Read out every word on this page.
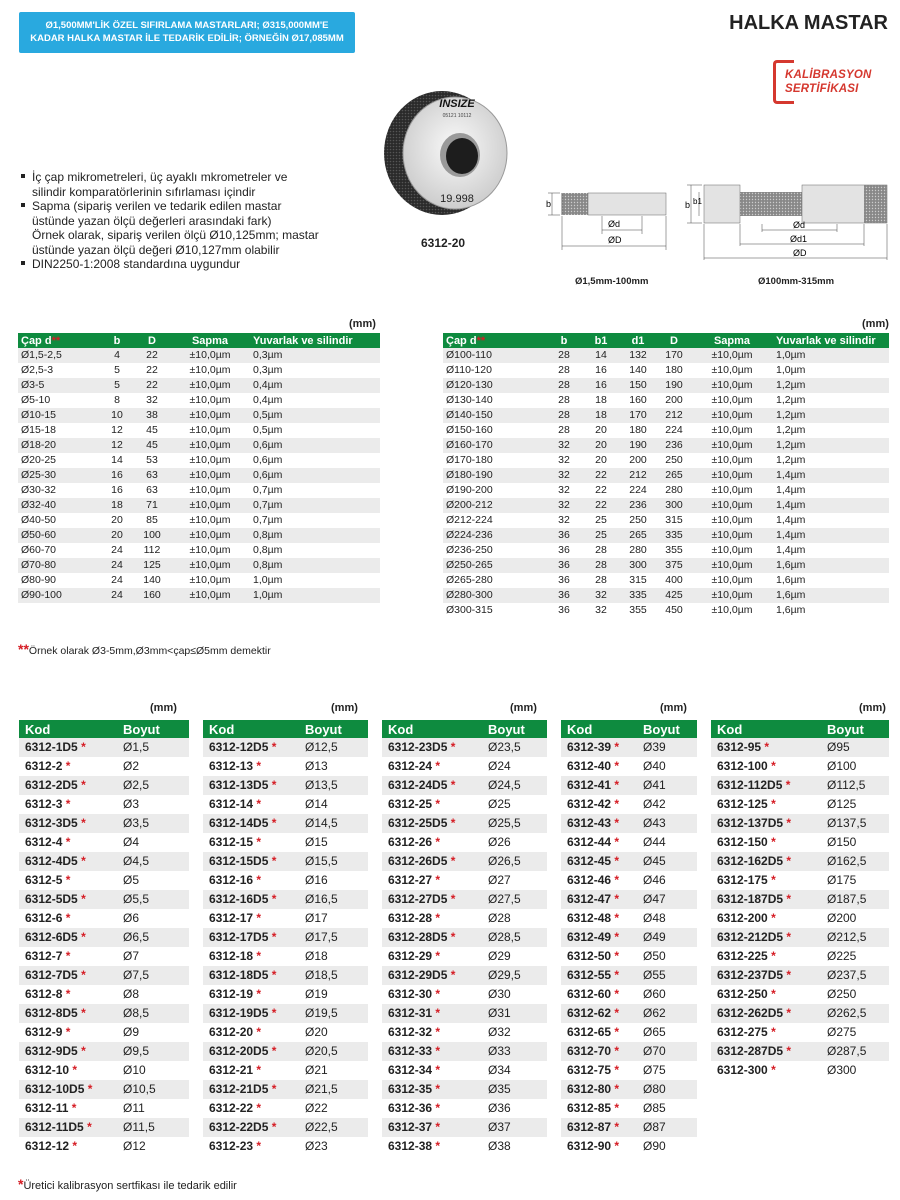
Ø1,500MM'LİK ÖZEL SIFIRLAMA MASTARLARI; Ø315,000MM'E
KADAR HALKA MASTAR İLE TEDARİK EDİLİR; ÖRNEĞİN Ø17,085MM
HALKA MASTAR
KALİBRASYON
SERTİFİKASI
İç çap mikrometreleri, üç ayaklı mkrometreler ve
silindir komparatörlerinin sıfırlaması içindir
Sapma (sipariş verilen ve tedarik edilen mastar
üstünde yazan ölçü değerleri arasındaki fark)
Örnek olarak, sipariş verilen ölçü Ø10,125mm; mastar
üstünde yazan ölçü değeri Ø10,127mm olabilir
DIN2250-1:2008 standardına uygundur
INSIZE
05121 10112
19.998
6312-20
b
Ød
ØD
Ø1,5mm-100mm
b b1
Ød
Ød1
ØD
Ø100mm-315mm
(mm)
Çap d**	b	D	Sapma	Yuvarlak ve silindir
Ø1,5-2,5	4	22	±10,0µm	0,3µm
Ø2,5-3	5	22	±10,0µm	0,3µm
Ø3-5	5	22	±10,0µm	0,4µm
Ø5-10	8	32	±10,0µm	0,4µm
Ø10-15	10	38	±10,0µm	0,5µm
Ø15-18	12	45	±10,0µm	0,5µm
Ø18-20	12	45	±10,0µm	0,6µm
Ø20-25	14	53	±10,0µm	0,6µm
Ø25-30	16	63	±10,0µm	0,6µm
Ø30-32	16	63	±10,0µm	0,7µm
Ø32-40	18	71	±10,0µm	0,7µm
Ø40-50	20	85	±10,0µm	0,7µm
Ø50-60	20	100	±10,0µm	0,8µm
Ø60-70	24	112	±10,0µm	0,8µm
Ø70-80	24	125	±10,0µm	0,8µm
Ø80-90	24	140	±10,0µm	1,0µm
Ø90-100	24	160	±10,0µm	1,0µm
(mm)
Çap d**	b	b1	d1	D	Sapma	Yuvarlak ve silindir
Ø100-110	28	14	132	170	±10,0µm	1,0µm
Ø110-120	28	16	140	180	±10,0µm	1,0µm
Ø120-130	28	16	150	190	±10,0µm	1,2µm
Ø130-140	28	18	160	200	±10,0µm	1,2µm
Ø140-150	28	18	170	212	±10,0µm	1,2µm
Ø150-160	28	20	180	224	±10,0µm	1,2µm
Ø160-170	32	20	190	236	±10,0µm	1,2µm
Ø170-180	32	20	200	250	±10,0µm	1,2µm
Ø180-190	32	22	212	265	±10,0µm	1,4µm
Ø190-200	32	22	224	280	±10,0µm	1,4µm
Ø200-212	32	22	236	300	±10,0µm	1,4µm
Ø212-224	32	25	250	315	±10,0µm	1,4µm
Ø224-236	36	25	265	335	±10,0µm	1,4µm
Ø236-250	36	28	280	355	±10,0µm	1,4µm
Ø250-265	36	28	300	375	±10,0µm	1,6µm
Ø265-280	36	28	315	400	±10,0µm	1,6µm
Ø280-300	36	32	335	425	±10,0µm	1,6µm
Ø300-315	36	32	355	450	±10,0µm	1,6µm
**Örnek olarak Ø3-5mm,Ø3mm<çap≤Ø5mm demektir
(mm)	(mm)	(mm)	(mm)	(mm)
Kod	Boyut
6312-1D5 *	Ø1,5
6312-2 *	Ø2
6312-2D5 *	Ø2,5
6312-3 *	Ø3
6312-3D5 *	Ø3,5
6312-4 *	Ø4
6312-4D5 *	Ø4,5
6312-5 *	Ø5
6312-5D5 *	Ø5,5
6312-6 *	Ø6
6312-6D5 *	Ø6,5
6312-7 *	Ø7
6312-7D5 *	Ø7,5
6312-8 *	Ø8
6312-8D5 *	Ø8,5
6312-9 *	Ø9
6312-9D5 *	Ø9,5
6312-10 *	Ø10
6312-10D5 *	Ø10,5
6312-11 *	Ø11
6312-11D5 *	Ø11,5
6312-12 *	Ø12
Kod	Boyut
6312-12D5 *	Ø12,5
6312-13 *	Ø13
6312-13D5 *	Ø13,5
6312-14 *	Ø14
6312-14D5 *	Ø14,5
6312-15 *	Ø15
6312-15D5 *	Ø15,5
6312-16 *	Ø16
6312-16D5 *	Ø16,5
6312-17 *	Ø17
6312-17D5 *	Ø17,5
6312-18 *	Ø18
6312-18D5 *	Ø18,5
6312-19 *	Ø19
6312-19D5 *	Ø19,5
6312-20 *	Ø20
6312-20D5 *	Ø20,5
6312-21 *	Ø21
6312-21D5 *	Ø21,5
6312-22 *	Ø22
6312-22D5 *	Ø22,5
6312-23 *	Ø23
Kod	Boyut
6312-23D5 *	Ø23,5
6312-24 *	Ø24
6312-24D5 *	Ø24,5
6312-25 *	Ø25
6312-25D5 *	Ø25,5
6312-26 *	Ø26
6312-26D5 *	Ø26,5
6312-27 *	Ø27
6312-27D5 *	Ø27,5
6312-28 *	Ø28
6312-28D5 *	Ø28,5
6312-29 *	Ø29
6312-29D5 *	Ø29,5
6312-30 *	Ø30
6312-31 *	Ø31
6312-32 *	Ø32
6312-33 *	Ø33
6312-34 *	Ø34
6312-35 *	Ø35
6312-36 *	Ø36
6312-37 *	Ø37
6312-38 *	Ø38
Kod	Boyut
6312-39 *	Ø39
6312-40 *	Ø40
6312-41 *	Ø41
6312-42 *	Ø42
6312-43 *	Ø43
6312-44 *	Ø44
6312-45 *	Ø45
6312-46 *	Ø46
6312-47 *	Ø47
6312-48 *	Ø48
6312-49 *	Ø49
6312-50 *	Ø50
6312-55 *	Ø55
6312-60 *	Ø60
6312-62 *	Ø62
6312-65 *	Ø65
6312-70 *	Ø70
6312-75 *	Ø75
6312-80 *	Ø80
6312-85 *	Ø85
6312-87 *	Ø87
6312-90 *	Ø90
Kod	Boyut
6312-95 *	Ø95
6312-100 *	Ø100
6312-112D5 *	Ø112,5
6312-125 *	Ø125
6312-137D5 *	Ø137,5
6312-150 *	Ø150
6312-162D5 *	Ø162,5
6312-175 *	Ø175
6312-187D5 *	Ø187,5
6312-200 *	Ø200
6312-212D5 *	Ø212,5
6312-225 *	Ø225
6312-237D5 *	Ø237,5
6312-250 *	Ø250
6312-262D5 *	Ø262,5
6312-275 *	Ø275
6312-287D5 *	Ø287,5
6312-300 *	Ø300
*Üretici kalibrasyon sertfikası ile tedarik edilir
